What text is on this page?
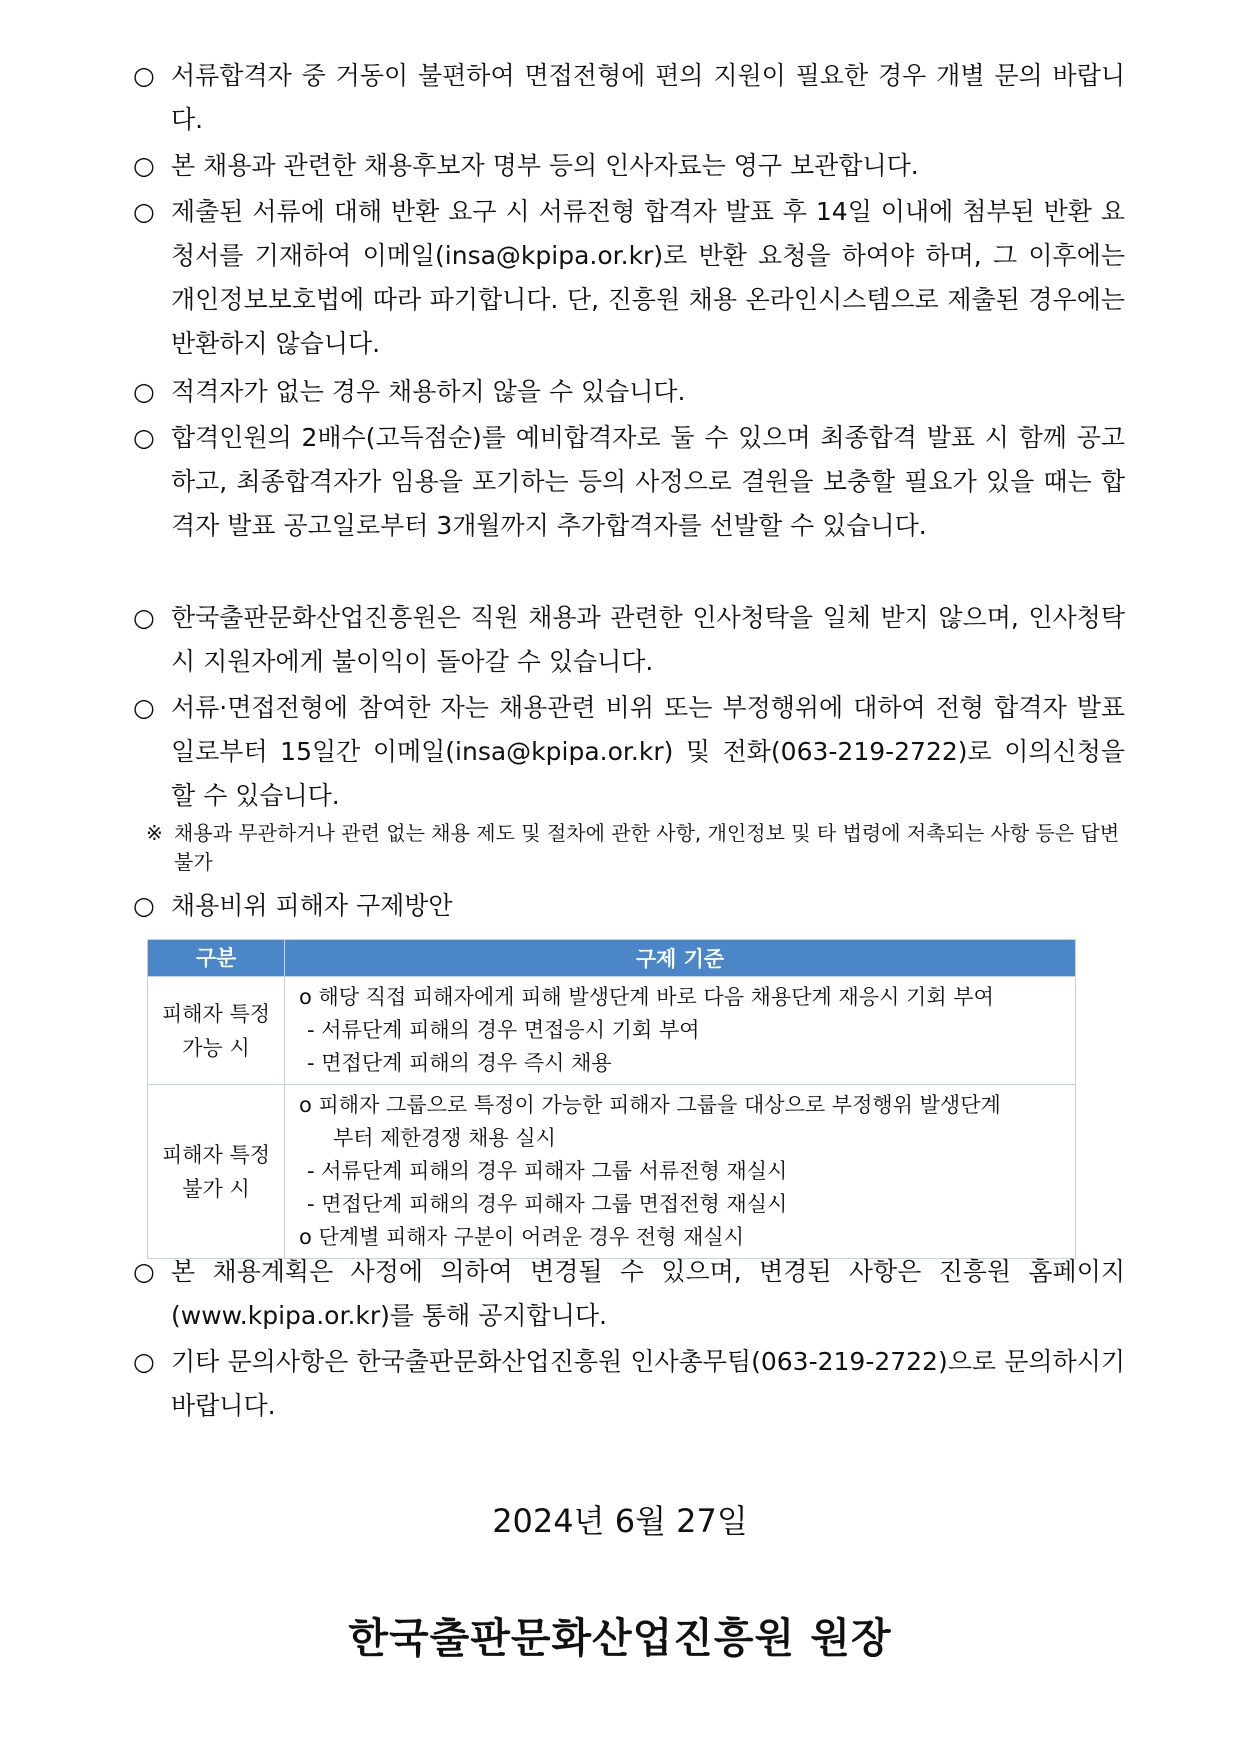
○ 서류합격자 중 거동이 불편하여 면접전형에 편의 지원이 필요한 경우 개별 문의 바랍니다.
○ 본 채용과 관련한 채용후보자 명부 등의 인사자료는 영구 보관합니다.
○ 제출된 서류에 대해 반환 요구 시 서류전형 합격자 발표 후 14일 이내에 첨부된 반환 요청서를 기재하여 이메일(insa@kpipa.or.kr)로 반환 요청을 하여야 하며, 그 이후에는 개인정보보호법에 따라 파기합니다. 단, 진흥원 채용 온라인시스템으로 제출된 경우에는 반환하지 않습니다.
○ 적격자가 없는 경우 채용하지 않을 수 있습니다.
○ 합격인원의 2배수(고득점순)를 예비합격자로 둘 수 있으며 최종합격 발표 시 함께 공고하고, 최종합격자가 임용을 포기하는 등의 사정으로 결원을 보충할 필요가 있을 때는 합격자 발표 공고일로부터 3개월까지 추가합격자를 선발할 수 있습니다.
○ 한국출판문화산업진흥원은 직원 채용과 관련한 인사청탁을 일체 받지 않으며, 인사청탁 시 지원자에게 불이익이 돌아갈 수 있습니다.
○ 서류·면접전형에 참여한 자는 채용관련 비위 또는 부정행위에 대하여 전형 합격자 발표일로부터 15일간 이메일(insa@kpipa.or.kr) 및 전화(063-219-2722)로 이의신청을 할 수 있습니다.
※ 채용과 무관하거나 관련 없는 채용 제도 및 절차에 관한 사항, 개인정보 및 타 법령에 저촉되는 사항 등은 답변 불가
○ 채용비위 피해자 구제방안
구분	구제 기준

피해자 특정
가능 시	o 해당 직접 피해자에게 피해 발생단계 바로 다음 채용단계 재응시 기회 부여
- 서류단계 피해의 경우 면접응시 기회 부여
- 면접단계 피해의 경우 즉시 채용

피해자 특정
불가 시	o 피해자 그룹으로 특정이 가능한 피해자 그룹을 대상으로 부정행위 발생단계
부터 제한경쟁 채용 실시
- 서류단계 피해의 경우 피해자 그룹 서류전형 재실시
- 면접단계 피해의 경우 피해자 그룹 면접전형 재실시
o 단계별 피해자 구분이 어려운 경우 전형 재실시
○ 본 채용계획은 사정에 의하여 변경될 수 있으며, 변경된 사항은 진흥원 홈페이지(www.kpipa.or.kr)를 통해 공지합니다.
○ 기타 문의사항은 한국출판문화산업진흥원 인사총무팀(063-219-2722)으로 문의하시기 바랍니다.
2024년 6월 27일
한국출판문화산업진흥원 원장
